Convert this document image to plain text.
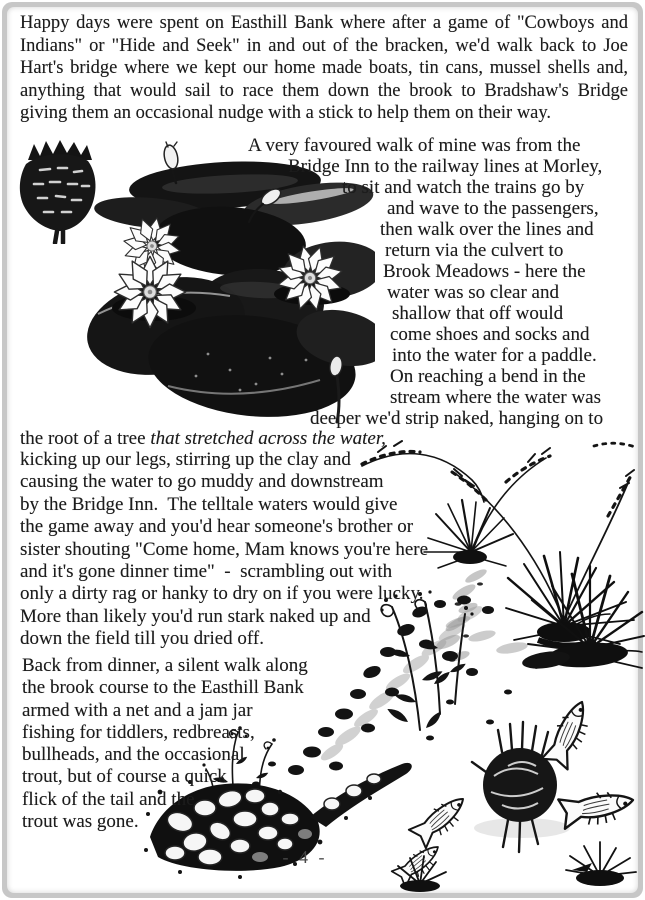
Happy days were spent on Easthill Bank where after a game of "Cowboys and
Indians" or "Hide and Seek" in and out of the bracken, we'd walk back to Joe
Hart's bridge where we kept our home made boats, tin cans, mussel shells and,
anything that would sail to race them down the brook to Bradshaw's Bridge
giving them an occasional nudge with a stick to help them on their way.
A very favoured walk of mine was from the
Bridge Inn to the railway lines at Morley,
to sit and watch the trains go by
and wave to the passengers,
then walk over the lines and
return via the culvert to
Brook Meadows - here the
water was so clear and
shallow that off would
come shoes and socks and
into the water for a paddle.
On reaching a bend in the
stream where the water was
deeper we'd strip naked, hanging on to
the root of a tree that stretched across the water,
kicking up our legs, stirring up the clay and
causing the water to go muddy and downstream
by the Bridge Inn.  The telltale waters would give
the game away and you'd hear someone's brother or
sister shouting "Come home, Mam knows you're here
and it's gone dinner time"  -  scrambling out with
only a dirty rag or hanky to dry on if you were lucky.
More than likely you'd run stark naked up and
down the field till you dried off.
Back from dinner, a silent walk along
the brook course to the Easthill Bank
armed with a net and a jam jar
fishing for tiddlers, redbreasts,
bullheads, and the occasional
trout, but of course a quick
flick of the tail and the
trout was gone.
- 4 -
